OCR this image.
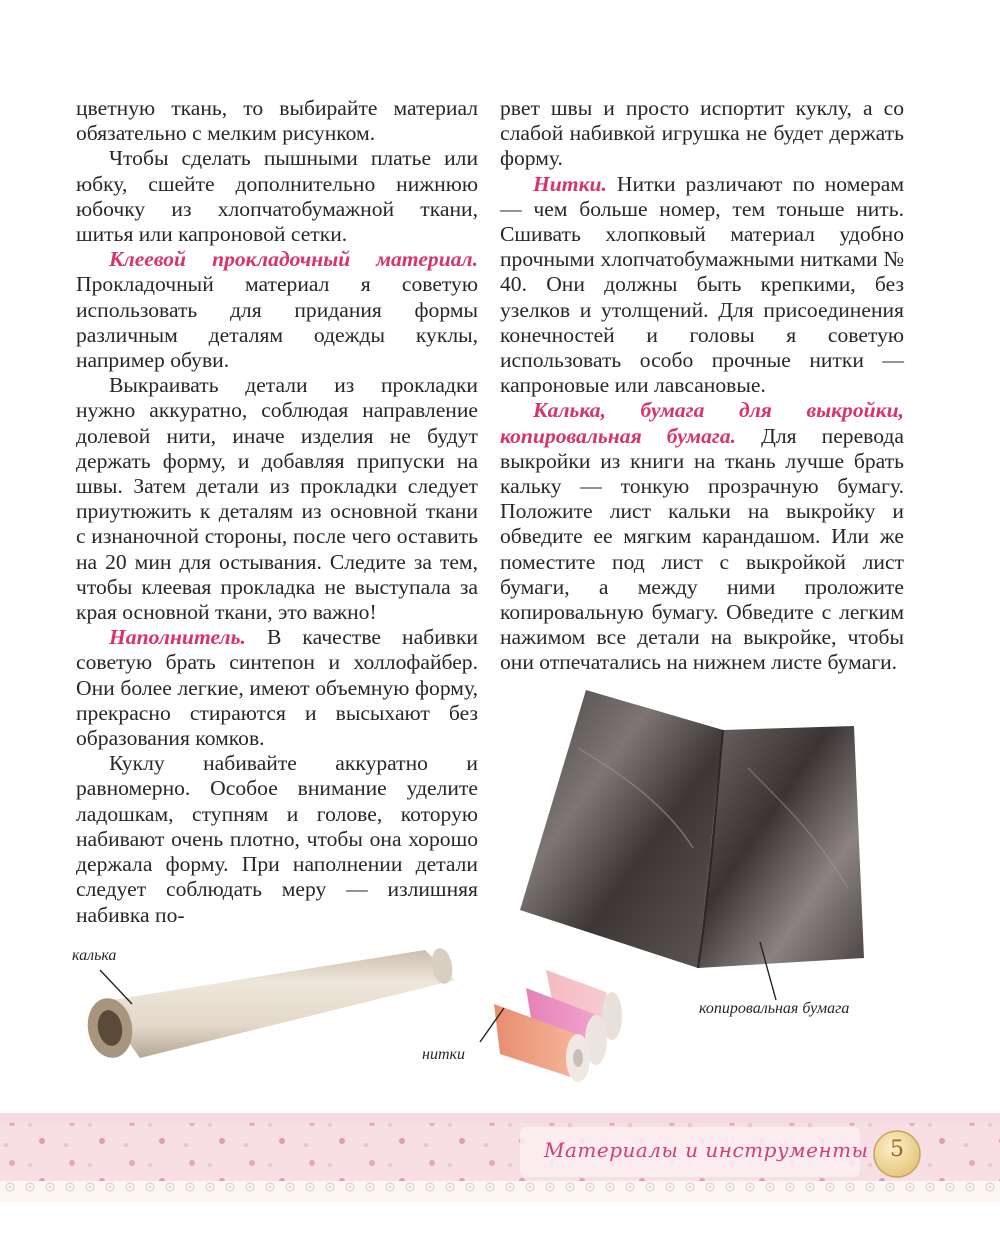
цветную ткань, то выбирайте материал обязательно с мелким рисунком.

Чтобы сделать пышными платье или юбку, сшейте дополнительно нижнюю юбочку из хлопчатобумажной ткани, шитья или капроновой сетки.

Клеевой прокладочный материал. Прокладочный материал я советую использовать для придания формы различным деталям одежды куклы, например обуви.

Выкраивать детали из прокладки нужно аккуратно, соблюдая направление долевой нити, иначе изделия не будут держать форму, и добавляя припуски на швы. Затем детали из прокладки следует приутюжить к деталям из основной ткани с изнаночной стороны, после чего оставить на 20 мин для остывания. Следите за тем, чтобы клеевая прокладка не выступала за края основной ткани, это важно!

Наполнитель. В качестве набивки советую брать синтепон и холлофайбер. Они более легкие, имеют объемную форму, прекрасно стираются и высыхают без образования комков.

Куклу набивайте аккуратно и равномерно. Особое внимание уделите ладошкам, ступням и голове, которую набивают очень плотно, чтобы она хорошо держала форму. При наполнении детали следует соблюдать меру — излишняя набивка по-

рвет швы и просто испортит куклу, а со слабой набивкой игрушка не будет держать форму.

Нитки. Нитки различают по номерам — чем больше номер, тем тоньше нить. Сшивать хлопковый материал удобно прочными хлопчатобумажными нитками № 40. Они должны быть крепкими, без узелков и утолщений. Для присоединения конечностей и головы я советую использовать особо прочные нитки — капроновые или лавсановые.

Калька, бумага для выкройки, копировальная бумага. Для перевода выкройки из книги на ткань лучше брать кальку — тонкую прозрачную бумагу. Положите лист кальки на выкройку и обведите ее мягким карандашом. Или же поместите под лист с выкройкой лист бумаги, а между ними проложите копировальную бумагу. Обведите с легким нажимом все детали на выкройке, чтобы они отпечатались на нижнем листе бумаги.

калька
нитки
копировальная бумага
Материалы и инструменты 5
